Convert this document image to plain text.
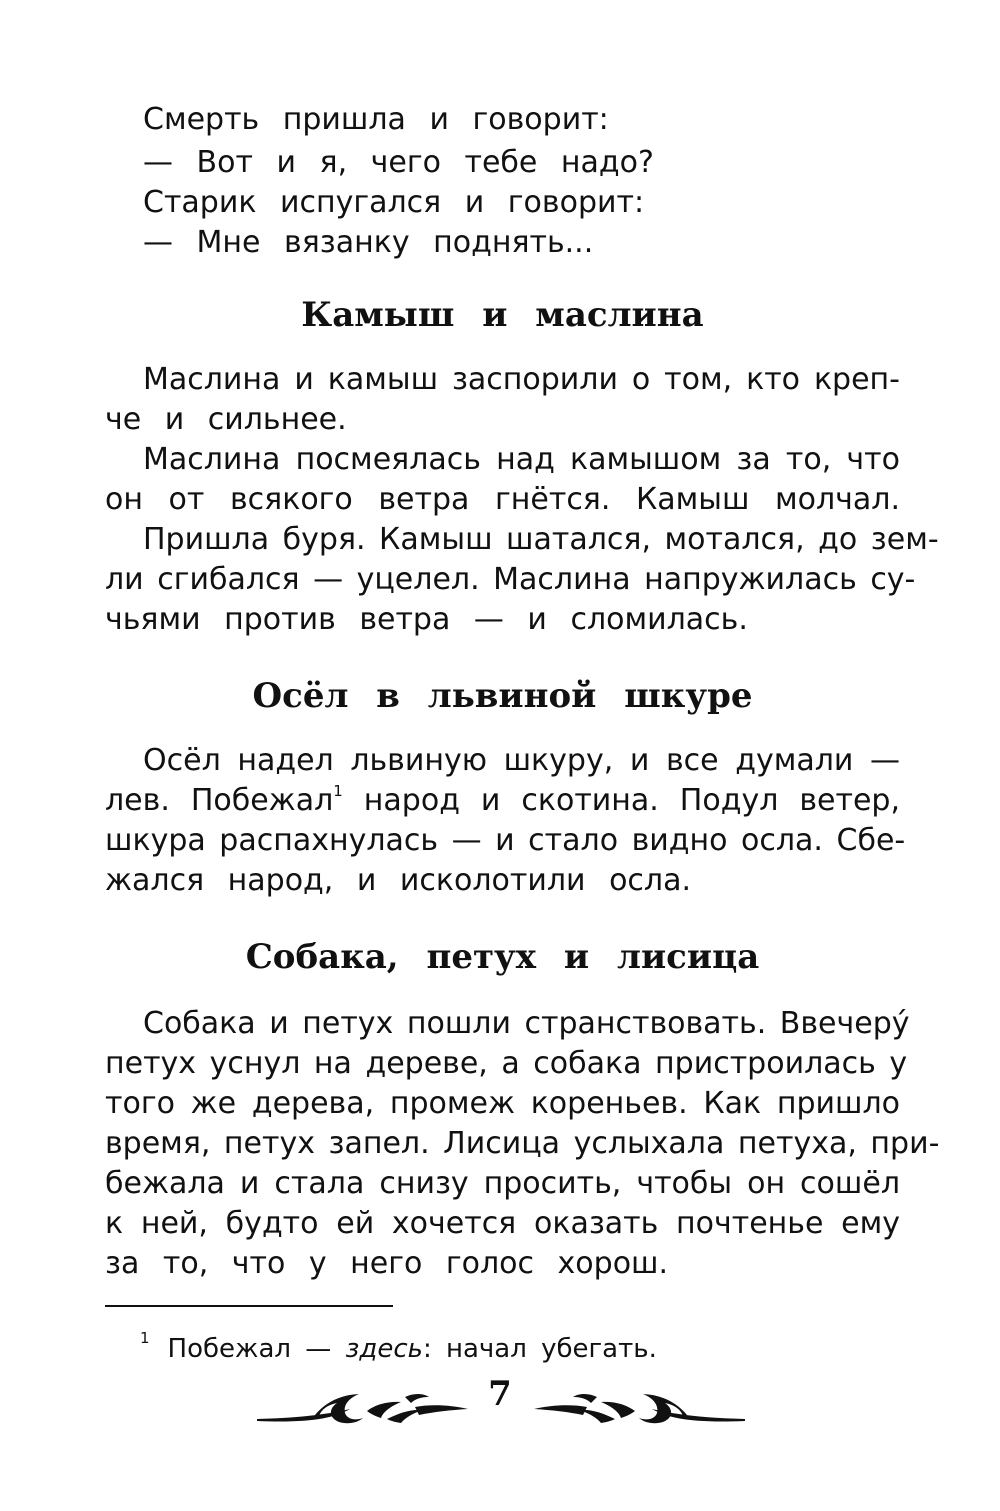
Смерть пришла и говорит:
— Вот и я, чего тебе надо?
Старик испугался и говорит:
— Мне вязанку поднять...
Камыш и маслина
Маслина и камыш заспорили о том, кто креп-
че и сильнее.
Маслина посмеялась над камышом за то, что
он от всякого ветра гнётся. Камыш молчал.
Пришла буря. Камыш шатался, мотался, до зем-
ли сгибался — уцелел. Маслина напружилась су-
чьями против ветра — и сломилась.
Осёл в львиной шкуре
Осёл надел львиную шкуру, и все думали —
лев. Побежал$^1$ народ и скотина. Подул ветер,
шкура распахнулась — и стало видно осла. Сбе-
жался народ, и исколотили осла.
Собака, петух и лисица
Собака и петух пошли странствовать. Ввечеру́
петух уснул на дереве, а собака пристроилась у
того же дерева, промеж кореньев. Как пришло
время, петух запел. Лисица услыхала петуха, при-
бежала и стала снизу просить, чтобы он сошёл
к ней, будто ей хочется оказать почтенье ему
за то, что у него голос хорош.
$^1$ Побежал — здесь: начал убегать.
7
